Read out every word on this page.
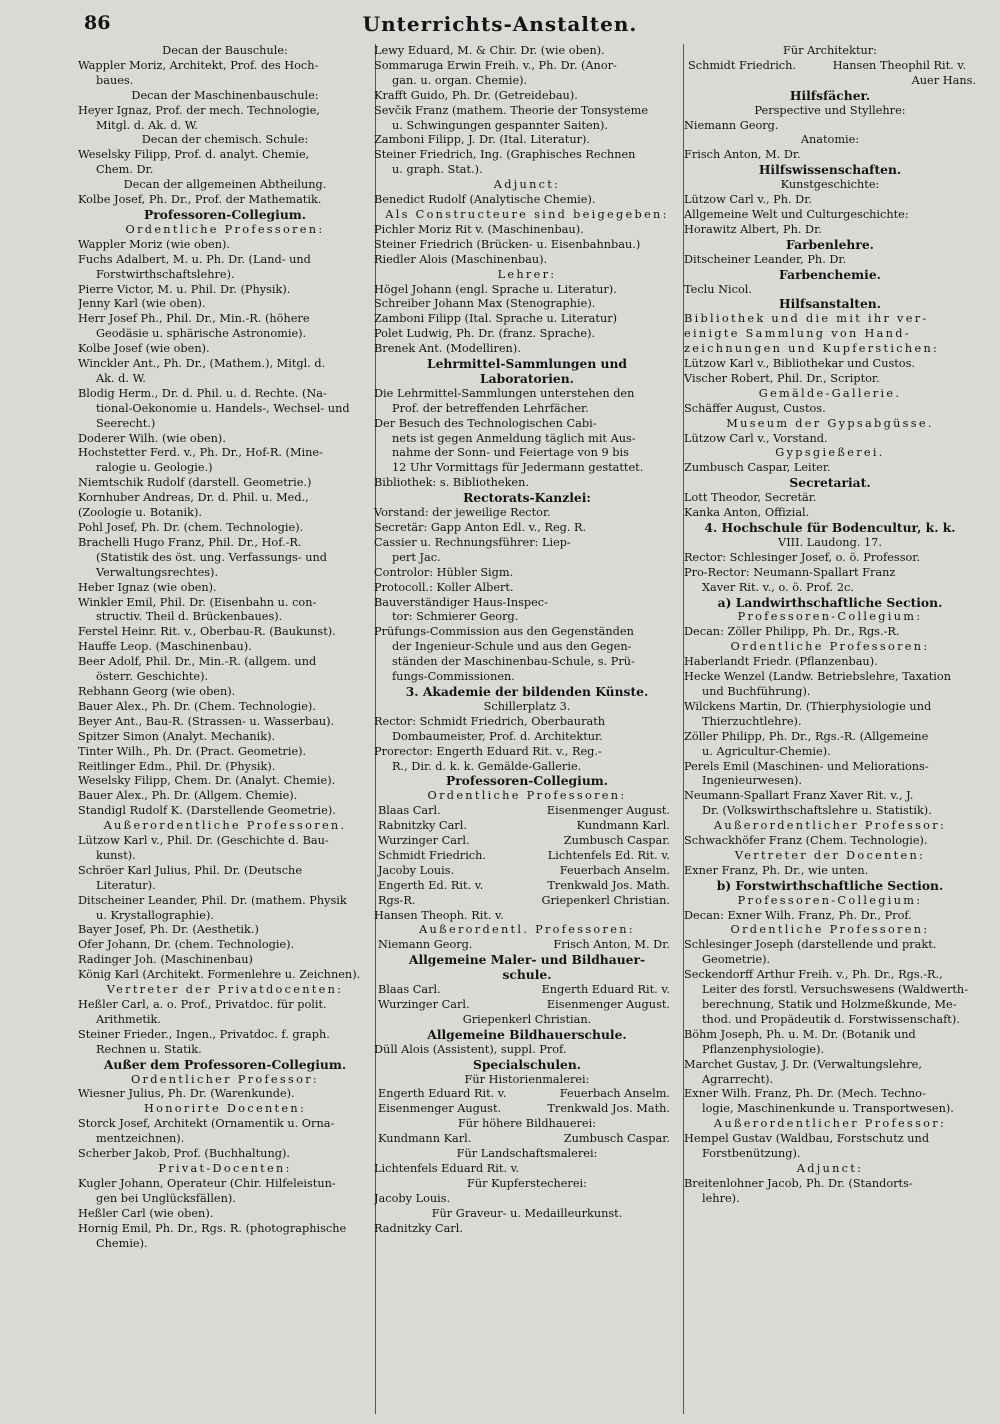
86	Unterrichts-Anstalten.
Decan der Bauschule:
Wappler Moriz, Architekt, Prof. des Hoch-
baues.
Decan der Maschinenbauschule:
Heyer Ignaz, Prof. der mech. Technologie,
Mitgl. d. Ak. d. W.
Decan der chemisch. Schule:
Weselsky Filipp, Prof. d. analyt. Chemie,
Chem. Dr.
Decan der allgemeinen Abtheilung.
Kolbe Josef, Ph. Dr., Prof. der Mathematik.
Professoren-Collegium.
Ordentliche Professoren:
Wappler Moriz (wie oben).
Fuchs Adalbert, M. u. Ph. Dr. (Land- und
Forstwirthschaftslehre).
Pierre Victor, M. u. Phil. Dr. (Physik).
Jenny Karl (wie oben).
Herr Josef Ph., Phil. Dr., Min.-R. (höhere
Geodäsie u. sphärische Astronomie).
Kolbe Josef (wie oben).
Winckler Ant., Ph. Dr., (Mathem.), Mitgl. d.
Ak. d. W.
Blodig Herm., Dr. d. Phil. u. d. Rechte. (Na-
tional-Oekonomie u. Handels-, Wechsel- und
Seerecht.)
Doderer Wilh. (wie oben).
Hochstetter Ferd. v., Ph. Dr., Hof-R. (Mine-
ralogie u. Geologie.)
Niemtschik Rudolf (darstell. Geometrie.)
Kornhuber Andreas, Dr. d. Phil. u. Med.,
(Zoologie u. Botanik).
Pohl Josef, Ph. Dr. (chem. Technologie).
Brachelli Hugo Franz, Phil. Dr., Hof.-R.
(Statistik des öst. ung. Verfassungs- und
Verwaltungsrechtes).
Heber Ignaz (wie oben).
Winkler Emil, Phil. Dr. (Eisenbahn u. con-
structiv. Theil d. Brückenbaues).
Ferstel Heinr. Rit. v., Oberbau-R. (Baukunst).
Hauffe Leop. (Maschinenbau).
Beer Adolf, Phil. Dr., Min.-R. (allgem. und
österr. Geschichte).
Rebhann Georg (wie oben).
Bauer Alex., Ph. Dr. (Chem. Technologie).
Beyer Ant., Bau-R. (Strassen- u. Wasserbau).
Spitzer Simon (Analyt. Mechanik).
Tinter Wilh., Ph. Dr. (Pract. Geometrie).
Reitlinger Edm., Phil. Dr. (Physik).
Weselsky Filipp, Chem. Dr. (Analyt. Chemie).
Bauer Alex., Ph. Dr. (Allgem. Chemie).
Standigl Rudolf K. (Darstellende Geometrie).
Außerordentliche Professoren.
Lützow Karl v., Phil. Dr. (Geschichte d. Bau-
kunst).
Schröer Karl Julius, Phil. Dr. (Deutsche
Literatur).
Ditscheiner Leander, Phil. Dr. (mathem. Physik
u. Krystallographie).
Bayer Josef, Ph. Dr. (Aesthetik.)
Ofer Johann, Dr. (chem. Technologie).
Radinger Joh. (Maschinenbau)
König Karl (Architekt. Formenlehre u. Zeichnen).
Vertreter der Privatdocenten:
Heßler Carl, a. o. Prof., Privatdoc. für polit.
Arithmetik.
Steiner Frieder., Ingen., Privatdoc. f. graph.
Rechnen u. Statik.
Außer dem Professoren-Collegium.
Ordentlicher Professor:
Wiesner Julius, Ph. Dr. (Warenkunde).
Honorirte Docenten:
Storck Josef, Architekt (Ornamentik u. Orna-
mentzeichnen).
Scherber Jakob, Prof. (Buchhaltung).
Privat-Docenten:
Kugler Johann, Operateur (Chir. Hilfeleistun-
gen bei Unglücksfällen).
Heßler Carl (wie oben).
Hornig Emil, Ph. Dr., Rgs. R. (photographische
Chemie).
Lewy Eduard, M. & Chir. Dr. (wie oben).
Sommaruga Erwin Freih. v., Ph. Dr. (Anor-
gan. u. organ. Chemie).
Krafft Guido, Ph. Dr. (Getreidebau).
Sevčik Franz (mathem. Theorie der Tonsysteme
u. Schwingungen gespannter Saiten).
Zamboni Filipp, J. Dr. (Ital. Literatur).
Steiner Friedrich, Ing. (Graphisches Rechnen
u. graph. Stat.).
Adjunct:
Benedict Rudolf (Analytische Chemie).
Als Constructeure sind beigegeben:
Pichler Moriz Rit v. (Maschinenbau).
Steiner Friedrich (Brücken- u. Eisenbahnbau.)
Riedler Alois (Maschinenbau).
Lehrer:
Högel Johann (engl. Sprache u. Literatur).
Schreiber Johann Max (Stenographie).
Zamboni Filipp (Ital. Sprache u. Literatur)
Polet Ludwig, Ph. Dr. (franz. Sprache).
Brenek Ant. (Modelliren).
Lehrmittel-Sammlungen und
Laboratorien.
Die Lehrmittel-Sammlungen unterstehen den
Prof. der betreffenden Lehrfächer.
Der Besuch des Technologischen Cabi-
nets ist gegen Anmeldung täglich mit Aus-
nahme der Sonn- und Feiertage von 9 bis
12 Uhr Vormittags für Jedermann gestattet.
Bibliothek: s. Bibliotheken.
Rectorats-Kanzlei:
Vorstand: der jeweilige Rector.
Secretär: Gapp Anton Edl. v., Reg. R.
Cassier u. Rechnungsführer: Liep-
pert Jac.
Controlor: Hübler Sigm.
Protocoll.: Koller Albert.
Bauverständiger Haus-Inspec-
tor: Schmierer Georg.
Prüfungs-Commission aus den Gegenständen
der Ingenieur-Schule und aus den Gegen-
ständen der Maschinenbau-Schule, s. Prü-
fungs-Commissionen.
3. Akademie der bildenden Künste.
Schillerplatz 3.
Rector: Schmidt Friedrich, Oberbaurath
Dombaumeister, Prof. d. Architektur.
Prorector: Engerth Eduard Rit. v., Reg.-
R., Dir. d. k. k. Gemälde-Gallerie.
Professoren-Collegium.
Ordentliche Professoren:
Blaas Carl.	Eisenmenger August.
Rabnitzky Carl.	Kundmann Karl.
Wurzinger Carl.	Zumbusch Caspar.
Schmidt Friedrich.	Lichtenfels Ed. Rit. v.
Jacoby Louis.	Feuerbach Anselm.
Engerth Ed. Rit. v.	Trenkwald Jos. Math.
Rgs-R.	Griepenkerl Christian.
Hansen Theoph. Rit. v.
Außerordentl. Professoren:
Niemann Georg.	Frisch Anton, M. Dr.
Allgemeine Maler- und Bildhauer-
schule.
Blaas Carl.	Engerth Eduard Rit. v.
Wurzinger Carl.	Eisenmenger August.
Griepenkerl Christian.
Allgemeine Bildhauerschule.
Düll Alois (Assistent), suppl. Prof.
Specialschulen.
Für Historienmalerei:
Engerth Eduard Rit. v.	Feuerbach Anselm.
Eisenmenger August.	Trenkwald Jos. Math.
Für höhere Bildhauerei:
Kundmann Karl.	Zumbusch Caspar.
Für Landschaftsmalerei:
Lichtenfels Eduard Rit. v.
Für Kupferstecherei:
Jacoby Louis.
Für Graveur- u. Medailleurkunst.
Radnitzky Carl.
Für Architektur:
Schmidt Friedrich.	Hansen Theophil Rit. v.
Auer Hans.
Hilfsfächer.
Perspective und Styllehre:
Niemann Georg.
Anatomie:
Frisch Anton, M. Dr.
Hilfswissenschaften.
Kunstgeschichte:
Lützow Carl v., Ph. Dr.
Allgemeine Welt und Culturgeschichte:
Horawitz Albert, Ph. Dr.
Farbenlehre.
Ditscheiner Leander, Ph. Dr.
Farbenchemie.
Teclu Nicol.
Hilfsanstalten.
Bibliothek und die mit ihr ver-
einigte Sammlung von Hand-
zeichnungen und Kupferstichen:
Lützow Karl v., Bibliothekar und Custos.
Vischer Robert, Phil. Dr., Scriptor.
Gemälde-Gallerie.
Schäffer August, Custos.
Museum der Gypsabgüsse.
Lützow Carl v., Vorstand.
Gypsgießerei.
Zumbusch Caspar, Leiter.
Secretariat.
Lott Theodor, Secretär.
Kanka Anton, Offizial.
4. Hochschule für Bodencultur, k. k.
VIII. Laudong. 17.
Rector: Schlesinger Josef, o. ö. Professor.
Pro-Rector: Neumann-Spallart Franz
Xaver Rit. v., o. ö. Prof. 2c.
a) Landwirthschaftliche Section.
Professoren-Collegium:
Decan: Zöller Philipp, Ph. Dr., Rgs.-R.
Ordentliche Professoren:
Haberlandt Friedr. (Pflanzenbau).
Hecke Wenzel (Landw. Betriebslehre, Taxation
und Buchführung).
Wilckens Martin, Dr. (Thierphysiologie und
Thierzuchtlehre).
Zöller Philipp, Ph. Dr., Rgs.-R. (Allgemeine
u. Agricultur-Chemie).
Perels Emil (Maschinen- und Meliorations-
Ingenieurwesen).
Neumann-Spallart Franz Xaver Rit. v., J.
Dr. (Volkswirthschaftslehre u. Statistik).
Außerordentlicher Professor:
Schwackhöfer Franz (Chem. Technologie).
Vertreter der Docenten:
Exner Franz, Ph. Dr., wie unten.
b) Forstwirthschaftliche Section.
Professoren-Collegium:
Decan: Exner Wilh. Franz, Ph. Dr., Prof.
Ordentliche Professoren:
Schlesinger Joseph (darstellende und prakt.
Geometrie).
Seckendorff Arthur Freih. v., Ph. Dr., Rgs.-R.,
Leiter des forstl. Versuchswesens (Waldwerth-
berechnung, Statik und Holzmeßkunde, Me-
thod. und Propädeutik d. Forstwissenschaft).
Böhm Joseph, Ph. u. M. Dr. (Botanik und
Pflanzenphysiologie).
Marchet Gustav, J. Dr. (Verwaltungslehre,
Agrarrecht).
Exner Wilh. Franz, Ph. Dr. (Mech. Techno-
logie, Maschinenkunde u. Transportwesen).
Außerordentlicher Professor:
Hempel Gustav (Waldbau, Forstschutz und
Forstbenützung).
Adjunct:
Breitenlohner Jacob, Ph. Dr. (Standorts-
lehre).
